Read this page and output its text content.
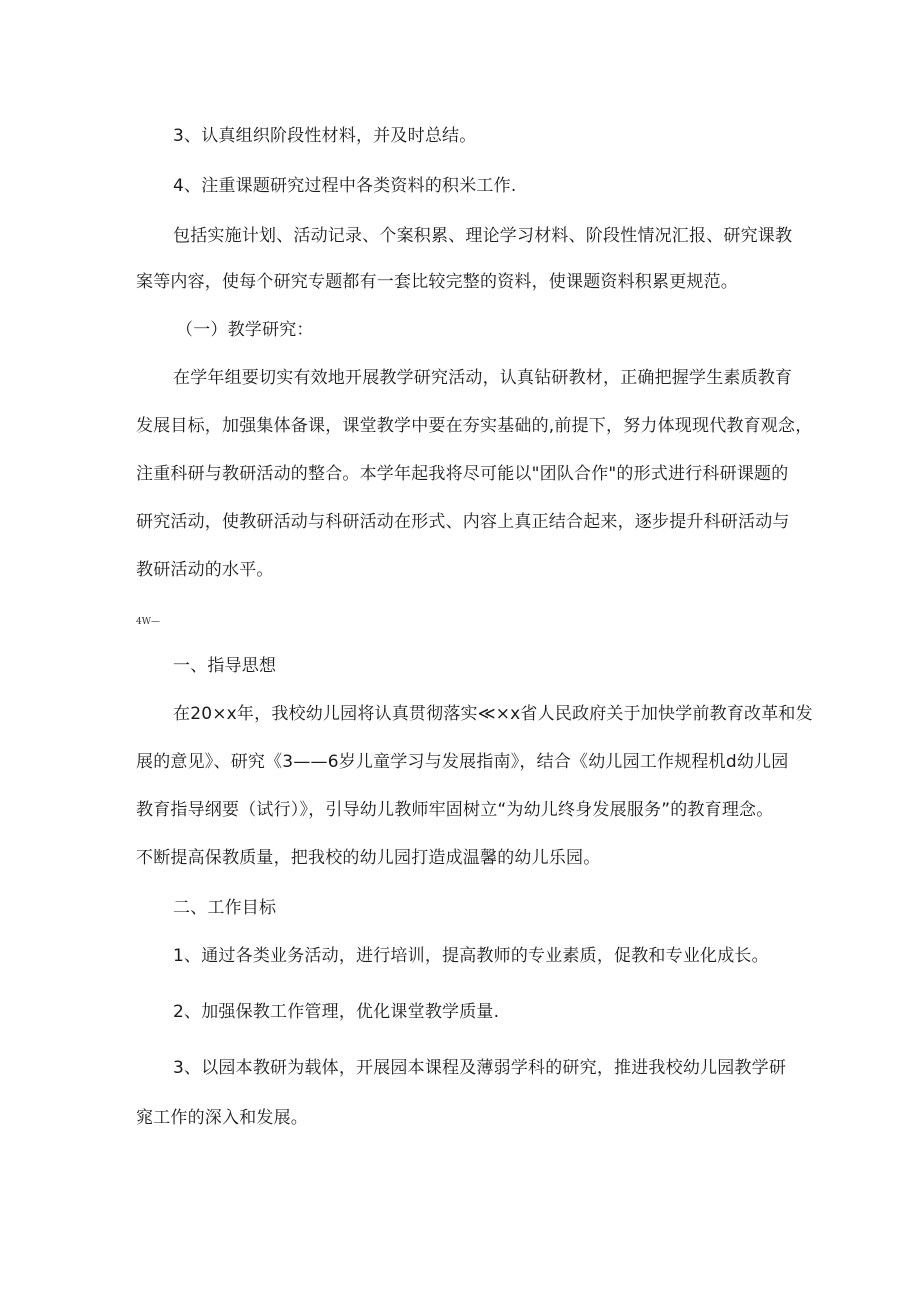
3、认真组织阶段性材料，并及时总结。
4、注重课题研究过程中各类资料的积米工作.
包括实施计划、活动记录、个案积累、理论学习材料、阶段性情况汇报、研究课教
案等内容，使每个研究专题都有一套比较完整的资料，使课题资料积累更规范。
（一）教学研究：
在学年组要切实有效地开展教学研究活动，认真钻研教材，正确把握学生素质教育
发展目标，加强集体备课，课堂教学中要在夯实基础的,前提下，努力体现现代教育观念，
注重科研与教研活动的整合。本学年起我将尽可能以"团队合作"的形式进行科研课题的
研究活动，使教研活动与科研活动在形式、内容上真正结合起来，逐步提升科研活动与
教研活动的水平。
4W—
一、指导思想
在20×x年，我校幼儿园将认真贯彻落实≪×x省人民政府关于加快学前教育改革和发
展的意见》、研究《3——6岁儿童学习与发展指南》，结合《幼儿园工作规程机d幼儿园
教育指导纲要（试行）》，引导幼儿教师牢固树立“为幼儿终身发展服务”的教育理念。
不断提高保教质量，把我校的幼儿园打造成温馨的幼儿乐园。
二、工作目标
1、通过各类业务活动，进行培训，提高教师的专业素质，促教和专业化成长。
2、加强保教工作管理，优化课堂教学质量.
3、以园本教研为载体，开展园本课程及薄弱学科的研究，推进我校幼儿园教学研
窕工作的深入和发展。
